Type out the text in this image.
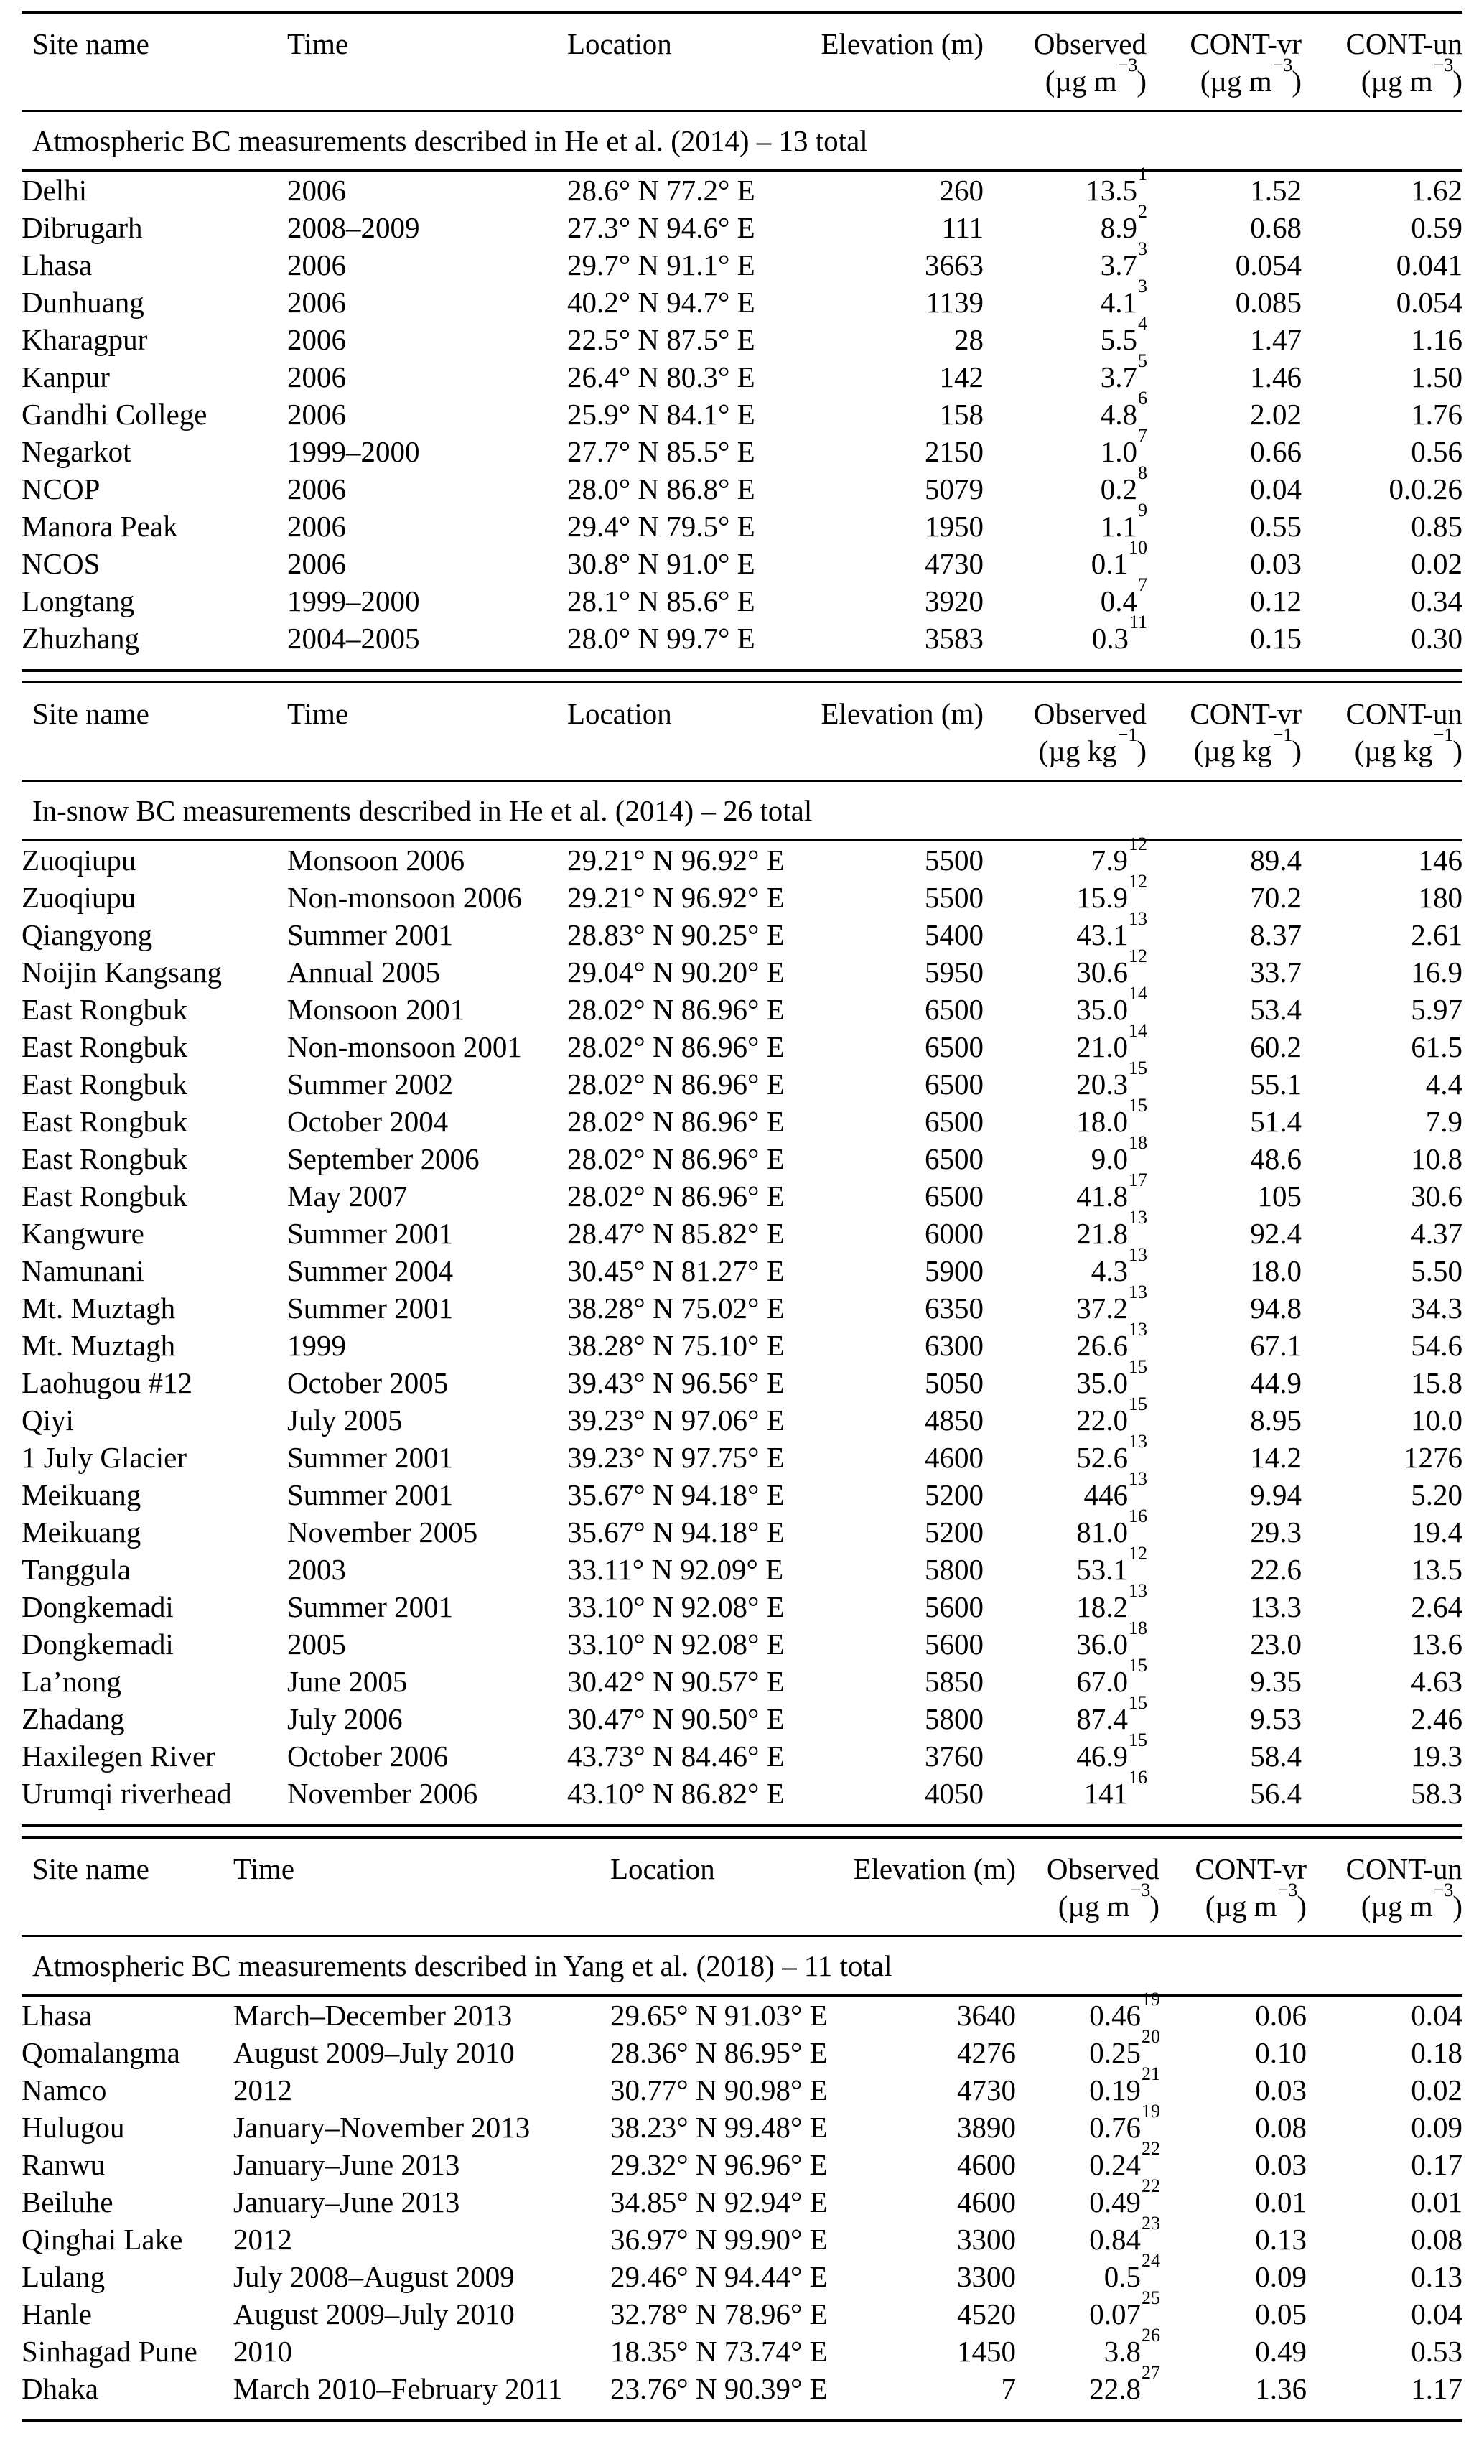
Site name	Time	Location	Elevation (m)	Observed	CONT-vr	CONT-un
				(µg $m^{-3}$)	(µg $m^{-3}$)	(µg $m^{-3}$)
Atmospheric BC measurements described in He et al. (2014) – 13 total						
Delhi	2006	28.6° N 77.2° E	260	13.5$^1$	1.52	1.62
Dibrugarh	2008–2009	27.3° N 94.6° E	111	8.9$^2$	0.68	0.59
Lhasa	2006	29.7° N 91.1° E	3663	3.7$^3$	0.054	0.041
Dunhuang	2006	40.2° N 94.7° E	1139	4.1$^3$	0.085	0.054
Kharagpur	2006	22.5° N 87.5° E	28	5.5$^4$	1.47	1.16
Kanpur	2006	26.4° N 80.3° E	142	3.7$^5$	1.46	1.50
Gandhi College	2006	25.9° N 84.1° E	158	4.8$^6$	2.02	1.76
Negarkot	1999–2000	27.7° N 85.5° E	2150	1.0$^7$	0.66	0.56
NCOP	2006	28.0° N 86.8° E	5079	0.2$^8$	0.04	0.0.26
Manora Peak	2006	29.4° N 79.5° E	1950	1.1$^9$	0.55	0.85
NCOS	2006	30.8° N 91.0° E	4730	0.1$^{10}$	0.03	0.02
Longtang	1999–2000	28.1° N 85.6° E	3920	0.4$^7$	0.12	0.34
Zhuzhang	2004–2005	28.0° N 99.7° E	3583	0.3$^{11}$	0.15	0.30
Site name	Time	Location	Elevation (m)	Observed	CONT-vr	CONT-un
				(µg $kg^{-1}$)	(µg $kg^{-1}$)	(µg $kg^{-1}$)
In-snow BC measurements described in He et al. (2014) – 26 total						
Zuoqiupu	Monsoon 2006	29.21° N 96.92° E	5500	7.9$^{12}$	89.4	146
Zuoqiupu	Non-monsoon 2006	29.21° N 96.92° E	5500	15.9$^{12}$	70.2	180
Qiangyong	Summer 2001	28.83° N 90.25° E	5400	43.1$^{13}$	8.37	2.61
Noijin Kangsang	Annual 2005	29.04° N 90.20° E	5950	30.6$^{12}$	33.7	16.9
East Rongbuk	Monsoon 2001	28.02° N 86.96° E	6500	35.0$^{14}$	53.4	5.97
East Rongbuk	Non-monsoon 2001	28.02° N 86.96° E	6500	21.0$^{14}$	60.2	61.5
East Rongbuk	Summer 2002	28.02° N 86.96° E	6500	20.3$^{15}$	55.1	4.4
East Rongbuk	October 2004	28.02° N 86.96° E	6500	18.0$^{15}$	51.4	7.9
East Rongbuk	September 2006	28.02° N 86.96° E	6500	9.0$^{18}$	48.6	10.8
East Rongbuk	May 2007	28.02° N 86.96° E	6500	41.8$^{17}$	105	30.6
Kangwure	Summer 2001	28.47° N 85.82° E	6000	21.8$^{13}$	92.4	4.37
Namunani	Summer 2004	30.45° N 81.27° E	5900	4.3$^{13}$	18.0	5.50
Mt. Muztagh	Summer 2001	38.28° N 75.02° E	6350	37.2$^{13}$	94.8	34.3
Mt. Muztagh	1999	38.28° N 75.10° E	6300	26.6$^{13}$	67.1	54.6
Laohugou #12	October 2005	39.43° N 96.56° E	5050	35.0$^{15}$	44.9	15.8
Qiyi	July 2005	39.23° N 97.06° E	4850	22.0$^{15}$	8.95	10.0
1 July Glacier	Summer 2001	39.23° N 97.75° E	4600	52.6$^{13}$	14.2	1276
Meikuang	Summer 2001	35.67° N 94.18° E	5200	446$^{13}$	9.94	5.20
Meikuang	November 2005	35.67° N 94.18° E	5200	81.0$^{16}$	29.3	19.4
Tanggula	2003	33.11° N 92.09° E	5800	53.1$^{12}$	22.6	13.5
Dongkemadi	Summer 2001	33.10° N 92.08° E	5600	18.2$^{13}$	13.3	2.64
Dongkemadi	2005	33.10° N 92.08° E	5600	36.0$^{18}$	23.0	13.6
La’nong	June 2005	30.42° N 90.57° E	5850	67.0$^{15}$	9.35	4.63
Zhadang	July 2006	30.47° N 90.50° E	5800	87.4$^{15}$	9.53	2.46
Haxilegen River	October 2006	43.73° N 84.46° E	3760	46.9$^{15}$	58.4	19.3
Urumqi riverhead	November 2006	43.10° N 86.82° E	4050	141$^{16}$	56.4	58.3
Site name	Time	Location	Elevation (m)	Observed	CONT-vr	CONT-un
				(µg $m^{-3}$)	(µg $m^{-3}$)	(µg $m^{-3}$)
Atmospheric BC measurements described in Yang et al. (2018) – 11 total						
Lhasa	March–December 2013	29.65° N 91.03° E	3640	0.46$^{19}$	0.06	0.04
Qomalangma	August 2009–July 2010	28.36° N 86.95° E	4276	0.25$^{20}$	0.10	0.18
Namco	2012	30.77° N 90.98° E	4730	0.19$^{21}$	0.03	0.02
Hulugou	January–November 2013	38.23° N 99.48° E	3890	0.76$^{19}$	0.08	0.09
Ranwu	January–June 2013	29.32° N 96.96° E	4600	0.24$^{22}$	0.03	0.17
Beiluhe	January–June 2013	34.85° N 92.94° E	4600	0.49$^{22}$	0.01	0.01
Qinghai Lake	2012	36.97° N 99.90° E	3300	0.84$^{23}$	0.13	0.08
Lulang	July 2008–August 2009	29.46° N 94.44° E	3300	0.5$^{24}$	0.09	0.13
Hanle	August 2009–July 2010	32.78° N 78.96° E	4520	0.07$^{25}$	0.05	0.04
Sinhagad Pune	2010	18.35° N 73.74° E	1450	3.8$^{26}$	0.49	0.53
Dhaka	March 2010–February 2011	23.76° N 90.39° E	7	22.8$^{27}$	1.36	1.17
